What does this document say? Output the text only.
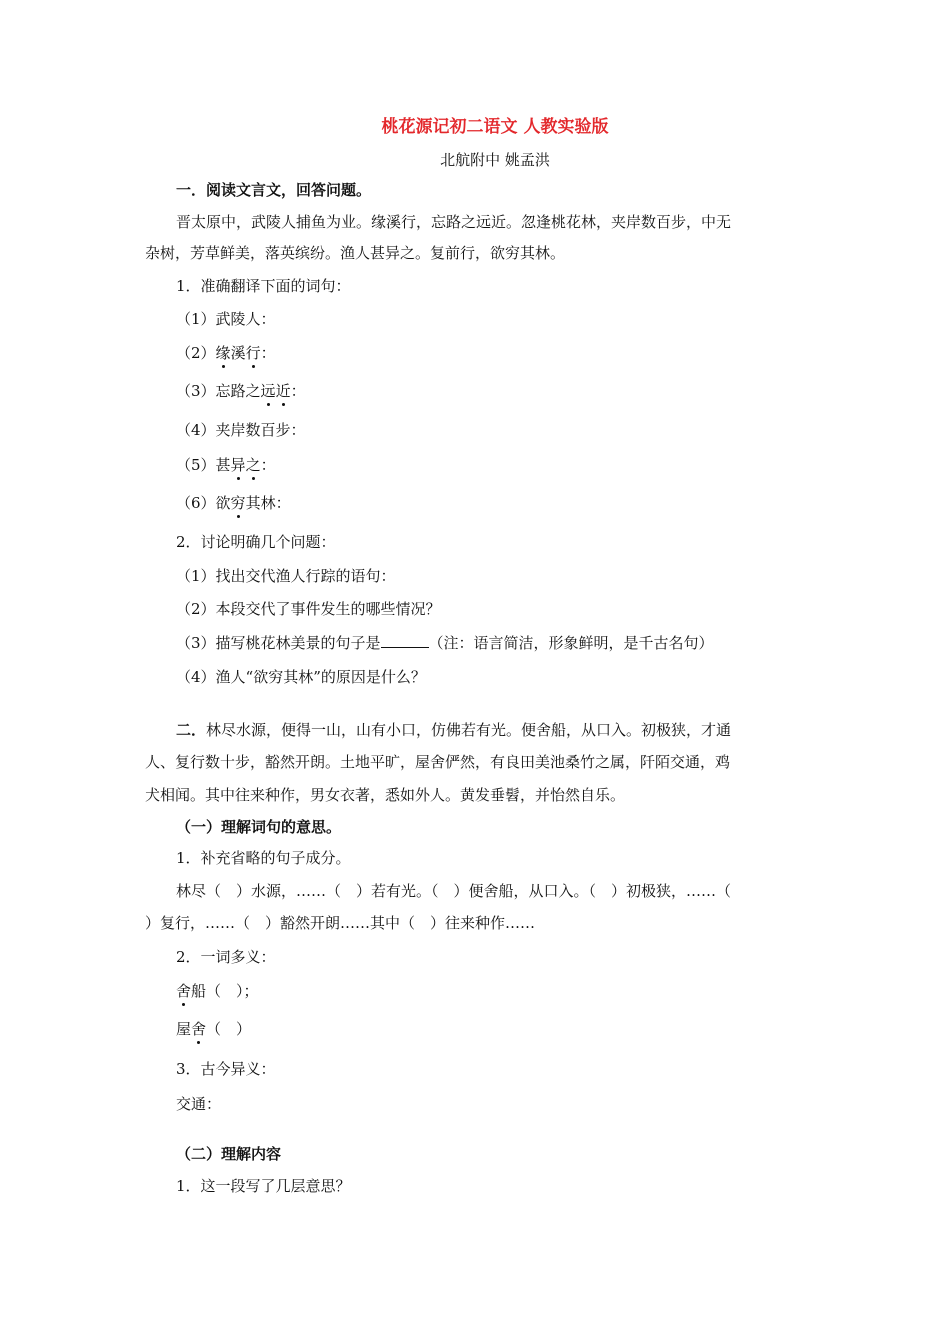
桃花源记初二语文 人教实验版
北航附中 姚孟洪
一．阅读文言文，回答问题。
晋太原中，武陵人捕鱼为业。缘溪行，忘路之远近。忽逢桃花林，夹岸数百步，中无
杂树，芳草鲜美，落英缤纷。渔人甚异之。复前行，欲穷其林。
1．准确翻译下面的词句：
（1）武陵人：
（2）缘溪行：
（3）忘路之远近：
（4）夹岸数百步：
（5）甚异之：
（6）欲穷其林：
2．讨论明确几个问题：
（1）找出交代渔人行踪的语句：
（2）本段交代了事件发生的哪些情况？
（3）描写桃花林美景的句子是	（注：语言简洁，形象鲜明，是千古名句）
（4）渔人“欲穷其林”的原因是什么？
二．林尽水源，便得一山，山有小口，仿佛若有光。便舍船，从口入。初极狭，才通
人、复行数十步，豁然开朗。土地平旷，屋舍俨然，有良田美池桑竹之属，阡陌交通，鸡
犬相闻。其中往来种作，男女衣著，悉如外人。黄发垂髫，并怡然自乐。
（一）理解词句的意思。
1．补充省略的句子成分。
林尽（　）水源，……（　）若有光。（　）便舍船，从口入。（　）初极狭，……（
）复行，……（　）豁然开朗……其中（　）往来种作……
2．一词多义：
舍船（　）；
屋舍（　）
3．古今异义：
交通：
（二）理解内容
1．这一段写了几层意思？
